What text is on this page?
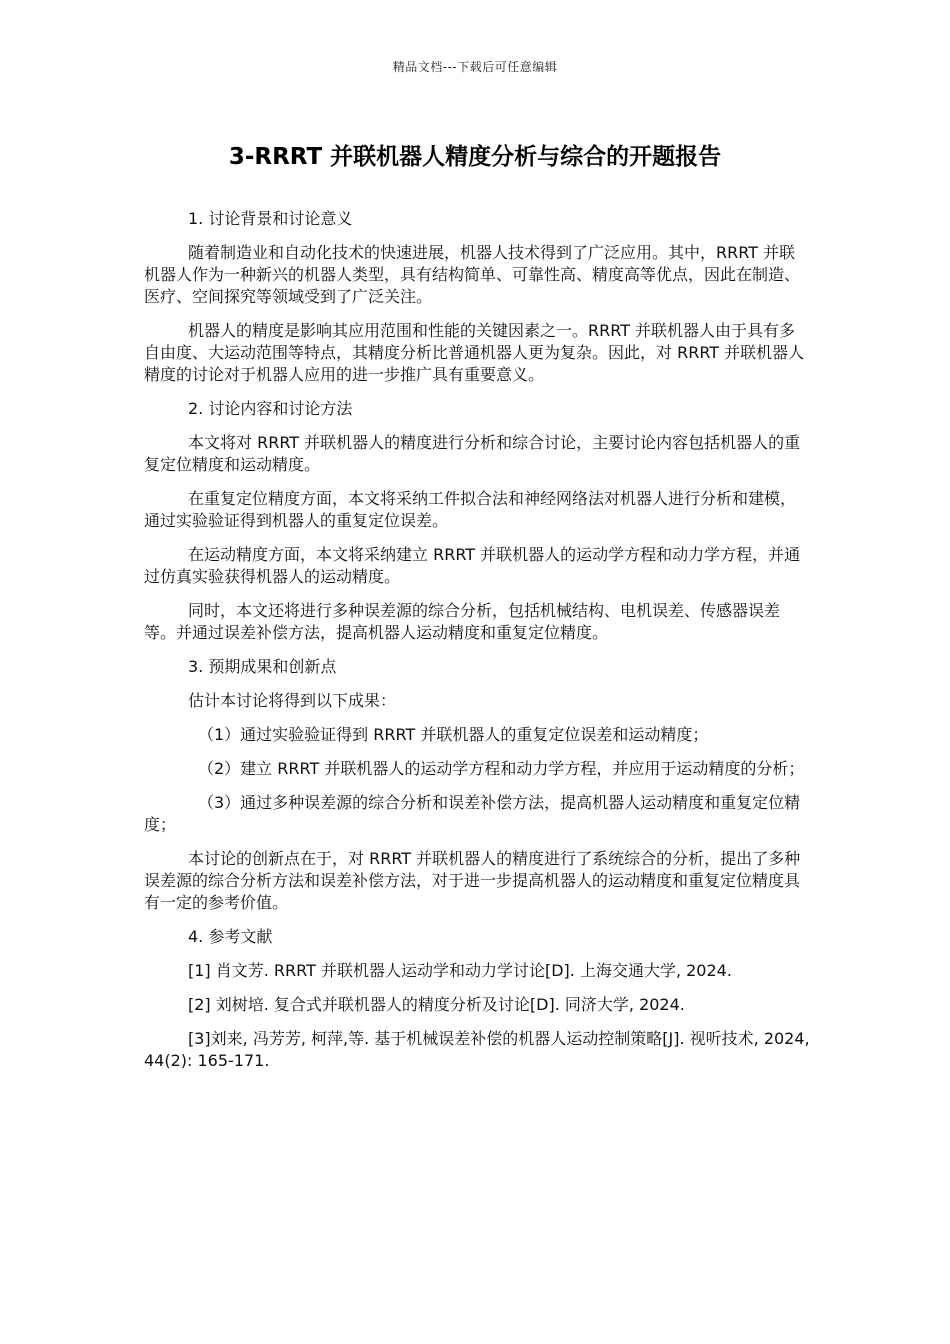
精品文档---下载后可任意编辑
3-RRRT 并联机器人精度分析与综合的开题报告

1. 讨论背景和讨论意义

随着制造业和自动化技术的快速进展，机器人技术得到了广泛应用。其中，RRRT 并联机器人作为一种新兴的机器人类型，具有结构简单、可靠性高、精度高等优点，因此在制造、医疗、空间探究等领域受到了广泛关注。

机器人的精度是影响其应用范围和性能的关键因素之一。RRRT 并联机器人由于具有多自由度、大运动范围等特点，其精度分析比普通机器人更为复杂。因此，对 RRRT 并联机器人精度的讨论对于机器人应用的进一步推广具有重要意义。

2. 讨论内容和讨论方法

本文将对 RRRT 并联机器人的精度进行分析和综合讨论，主要讨论内容包括机器人的重复定位精度和运动精度。

在重复定位精度方面，本文将采纳工件拟合法和神经网络法对机器人进行分析和建模，通过实验验证得到机器人的重复定位误差。

在运动精度方面，本文将采纳建立 RRRT 并联机器人的运动学方程和动力学方程，并通过仿真实验获得机器人的运动精度。

同时，本文还将进行多种误差源的综合分析，包括机械结构、电机误差、传感器误差等。并通过误差补偿方法，提高机器人运动精度和重复定位精度。

3. 预期成果和创新点

估计本讨论将得到以下成果：

（1）通过实验验证得到 RRRT 并联机器人的重复定位误差和运动精度；

（2）建立 RRRT 并联机器人的运动学方程和动力学方程，并应用于运动精度的分析；

（3）通过多种误差源的综合分析和误差补偿方法，提高机器人运动精度和重复定位精度；

本讨论的创新点在于，对 RRRT 并联机器人的精度进行了系统综合的分析，提出了多种误差源的综合分析方法和误差补偿方法，对于进一步提高机器人的运动精度和重复定位精度具有一定的参考价值。

4. 参考文献

[1] 肖文芳. RRRT 并联机器人运动学和动力学讨论[D]. 上海交通大学, 2024.

[2] 刘树培. 复合式并联机器人的精度分析及讨论[D]. 同济大学, 2024.

[3]刘来, 冯芳芳, 柯萍,等. 基于机械误差补偿的机器人运动控制策略[J]. 视听技术, 2024, 44(2): 165-171.
